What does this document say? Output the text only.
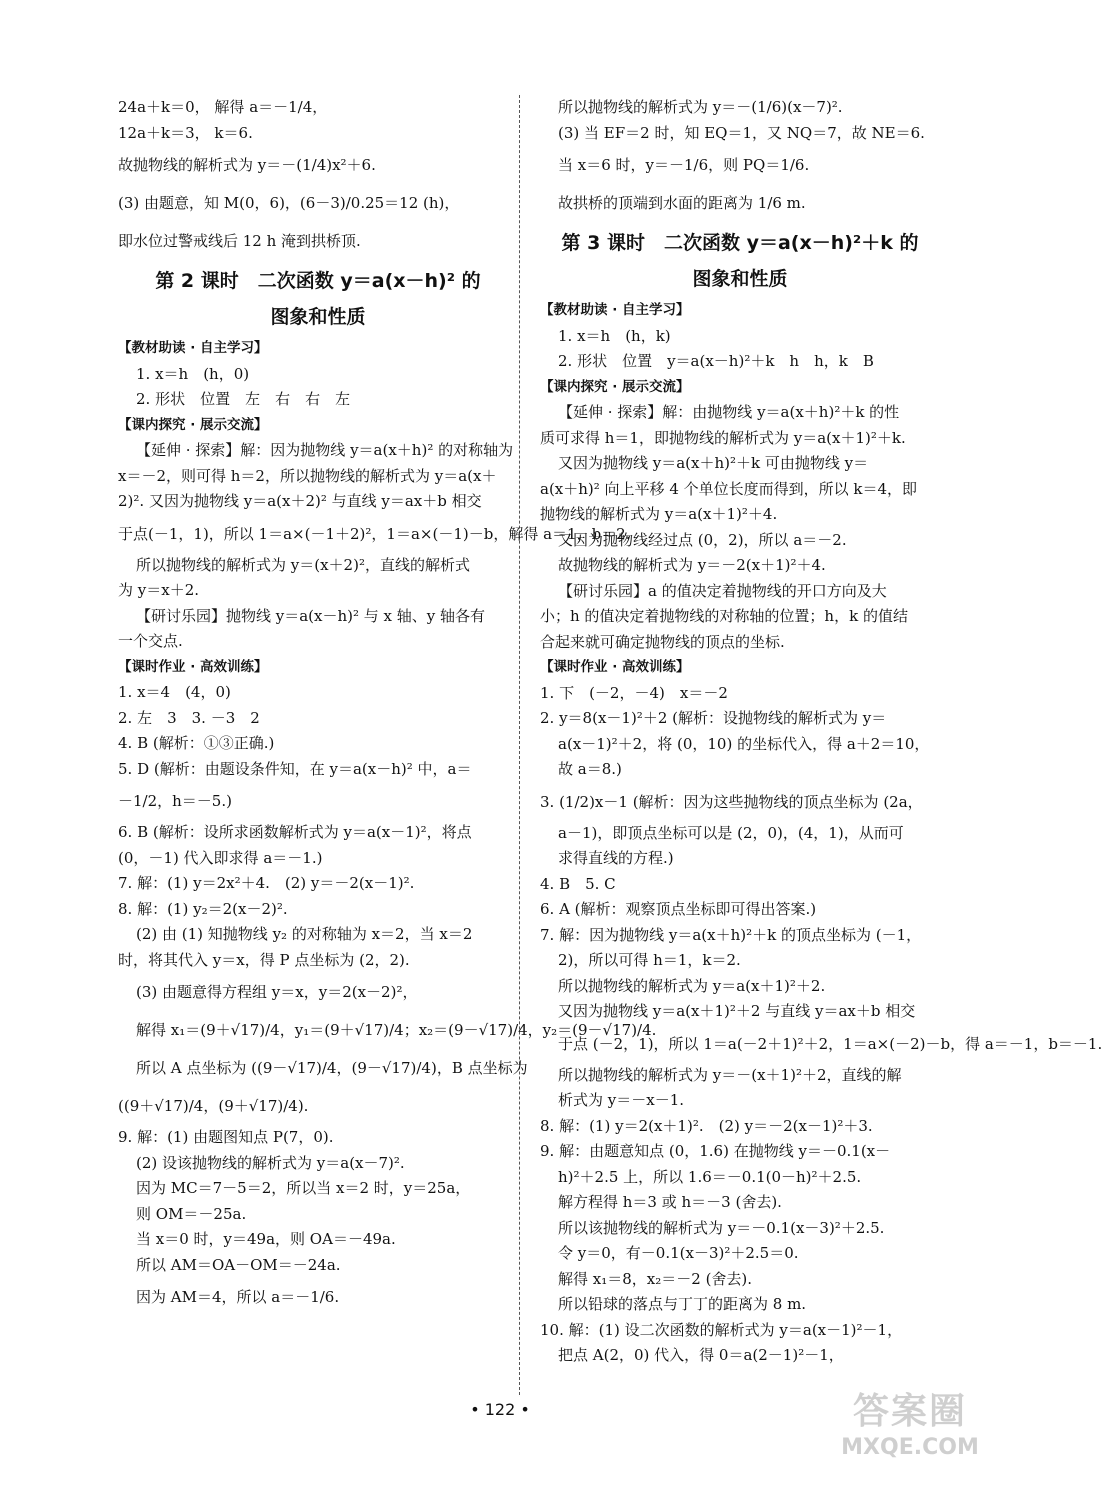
24a＋k＝0， 解得 a＝－1/4，
12a＋k＝3， k＝6.
故抛物线的解析式为 y＝－(1/4)x²＋6.
(3) 由题意，知 M(0，6)，(6－3)/0.25＝12 (h)，
即水位过警戒线后 12 h 淹到拱桥顶.
第 2 课时　二次函数 y＝a(x－h)² 的
图象和性质
【教材助读 · 自主学习】
1. x＝h　(h，0)
2. 形状　位置　左　右　右　左
【课内探究 · 展示交流】
【延伸 · 探索】解：因为抛物线 y＝a(x＋h)² 的对称轴为
x＝－2，则可得 h＝2，所以抛物线的解析式为 y＝a(x＋
2)². 又因为抛物线 y＝a(x＋2)² 与直线 y＝ax＋b 相交
于点(－1，1)，所以 1＝a×(－1＋2)²，1＝a×(－1)－b，解得 a＝1，b＝2.
所以抛物线的解析式为 y＝(x＋2)²，直线的解析式
为 y＝x＋2.
【研讨乐园】抛物线 y＝a(x－h)² 与 x 轴、y 轴各有
一个交点.
【课时作业 · 高效训练】
1. x＝4　(4，0)
2. 左　3　3. －3　2
4. B (解析：①③正确.)
5. D (解析：由题设条件知，在 y＝a(x－h)² 中，a＝
－1/2，h＝－5.)
6. B (解析：设所求函数解析式为 y＝a(x－1)²，将点
(0，－1) 代入即求得 a＝－1.)
7. 解：(1) y＝2x²＋4.　(2) y＝－2(x－1)².
8. 解：(1) y₂＝2(x－2)².
(2) 由 (1) 知抛物线 y₂ 的对称轴为 x＝2，当 x＝2
时，将其代入 y＝x，得 P 点坐标为 (2，2).
(3) 由题意得方程组 y＝x，y＝2(x－2)²，
解得 x₁＝(9＋√17)/4，y₁＝(9＋√17)/4；x₂＝(9－√17)/4，y₂＝(9－√17)/4.
所以 A 点坐标为 ((9－√17)/4，(9－√17)/4)，B 点坐标为
((9＋√17)/4，(9＋√17)/4).
9. 解：(1) 由题图知点 P(7，0).
(2) 设该抛物线的解析式为 y＝a(x－7)².
因为 MC＝7－5＝2，所以当 x＝2 时，y＝25a，
则 OM＝－25a.
当 x＝0 时，y＝49a，则 OA＝－49a.
所以 AM＝OA－OM＝－24a.
因为 AM＝4，所以 a＝－1/6.
所以抛物线的解析式为 y＝－(1/6)(x－7)².
(3) 当 EF＝2 时，知 EQ＝1，又 NQ＝7，故 NE＝6.
当 x＝6 时，y＝－1/6，则 PQ＝1/6.
故拱桥的顶端到水面的距离为 1/6 m.
第 3 课时　二次函数 y＝a(x－h)²＋k 的
图象和性质
【教材助读 · 自主学习】
1. x＝h　(h，k)
2. 形状　位置　y＝a(x－h)²＋k　h　h，k　B
【课内探究 · 展示交流】
【延伸 · 探索】解：由抛物线 y＝a(x＋h)²＋k 的性
质可求得 h＝1，即抛物线的解析式为 y＝a(x＋1)²＋k.
又因为抛物线 y＝a(x＋h)²＋k 可由抛物线 y＝
a(x＋h)² 向上平移 4 个单位长度而得到，所以 k＝4，即
抛物线的解析式为 y＝a(x＋1)²＋4.
又因为抛物线经过点 (0，2)，所以 a＝－2.
故抛物线的解析式为 y＝－2(x＋1)²＋4.
【研讨乐园】a 的值决定着抛物线的开口方向及大
小；h 的值决定着抛物线的对称轴的位置；h，k 的值结
合起来就可确定抛物线的顶点的坐标.
【课时作业 · 高效训练】
1. 下　(－2，－4)　x＝－2
2. y＝8(x－1)²＋2 (解析：设抛物线的解析式为 y＝
a(x－1)²＋2，将 (0，10) 的坐标代入，得 a＋2＝10，
故 a＝8.)
3. (1/2)x－1 (解析：因为这些抛物线的顶点坐标为 (2a，
a－1)，即顶点坐标可以是 (2，0)，(4，1)，从而可
求得直线的方程.)
4. B　5. C
6. A (解析：观察顶点坐标即可得出答案.)
7. 解：因为抛物线 y＝a(x＋h)²＋k 的顶点坐标为 (－1，
2)，所以可得 h＝1，k＝2.
所以抛物线的解析式为 y＝a(x＋1)²＋2.
又因为抛物线 y＝a(x＋1)²＋2 与直线 y＝ax＋b 相交
于点 (－2，1)，所以 1＝a(－2＋1)²＋2，1＝a×(－2)－b，得 a＝－1，b＝－1.
所以抛物线的解析式为 y＝－(x＋1)²＋2，直线的解
析式为 y＝－x－1.
8. 解：(1) y＝2(x＋1)².　(2) y＝－2(x－1)²＋3.
9. 解：由题意知点 (0，1.6) 在抛物线 y＝－0.1(x－
h)²＋2.5 上，所以 1.6＝－0.1(0－h)²＋2.5.
解方程得 h＝3 或 h＝－3 (舍去).
所以该抛物线的解析式为 y＝－0.1(x－3)²＋2.5.
令 y＝0，有－0.1(x－3)²＋2.5＝0.
解得 x₁＝8，x₂＝－2 (舍去).
所以铅球的落点与丁丁的距离为 8 m.
10. 解：(1) 设二次函数的解析式为 y＝a(x－1)²－1，
把点 A(2，0) 代入，得 0＝a(2－1)²－1，
• 122 •	答案圈
MXQE.COM
